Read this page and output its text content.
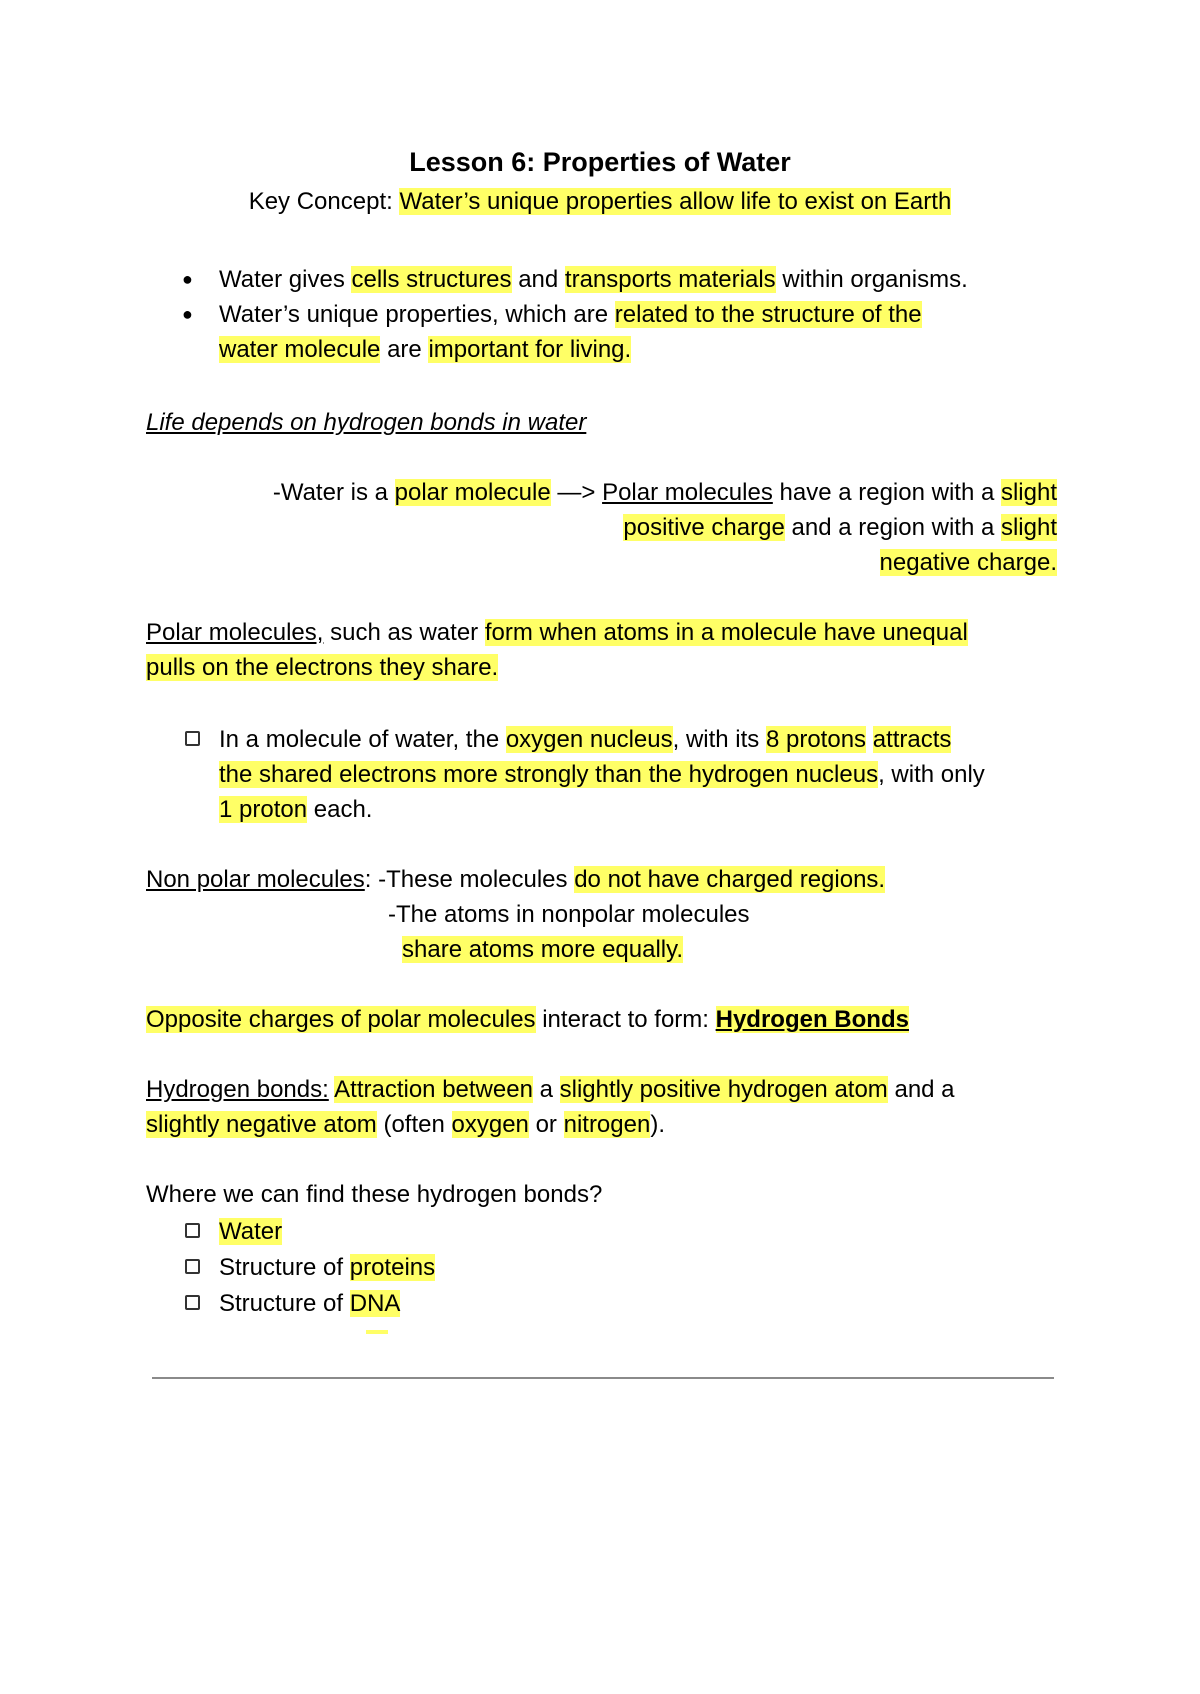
Lesson 6: Properties of Water
Key Concept: Water’s unique properties allow life to exist on Earth
● Water gives cells structures and transports materials within organisms.
● Water’s unique properties, which are related to the structure of the
water molecule are important for living.
Life depends on hydrogen bonds in water
-Water is a polar molecule —> Polar molecules have a region with a slight
positive charge and a region with a slight
negative charge.
Polar molecules, such as water form when atoms in a molecule have unequal
pulls on the electrons they share.
In a molecule of water, the oxygen nucleus, with its 8 protons attracts
the shared electrons more strongly than the hydrogen nucleus, with only
1 proton each.
Non polar molecules: -These molecules do not have charged regions.
-The atoms in nonpolar molecules
share atoms more equally.
Opposite charges of polar molecules interact to form: Hydrogen Bonds
Hydrogen bonds: Attraction between a slightly positive hydrogen atom and a
slightly negative atom (often oxygen or nitrogen).
Where we can find these hydrogen bonds?
Water
Structure of proteins
Structure of DNA
